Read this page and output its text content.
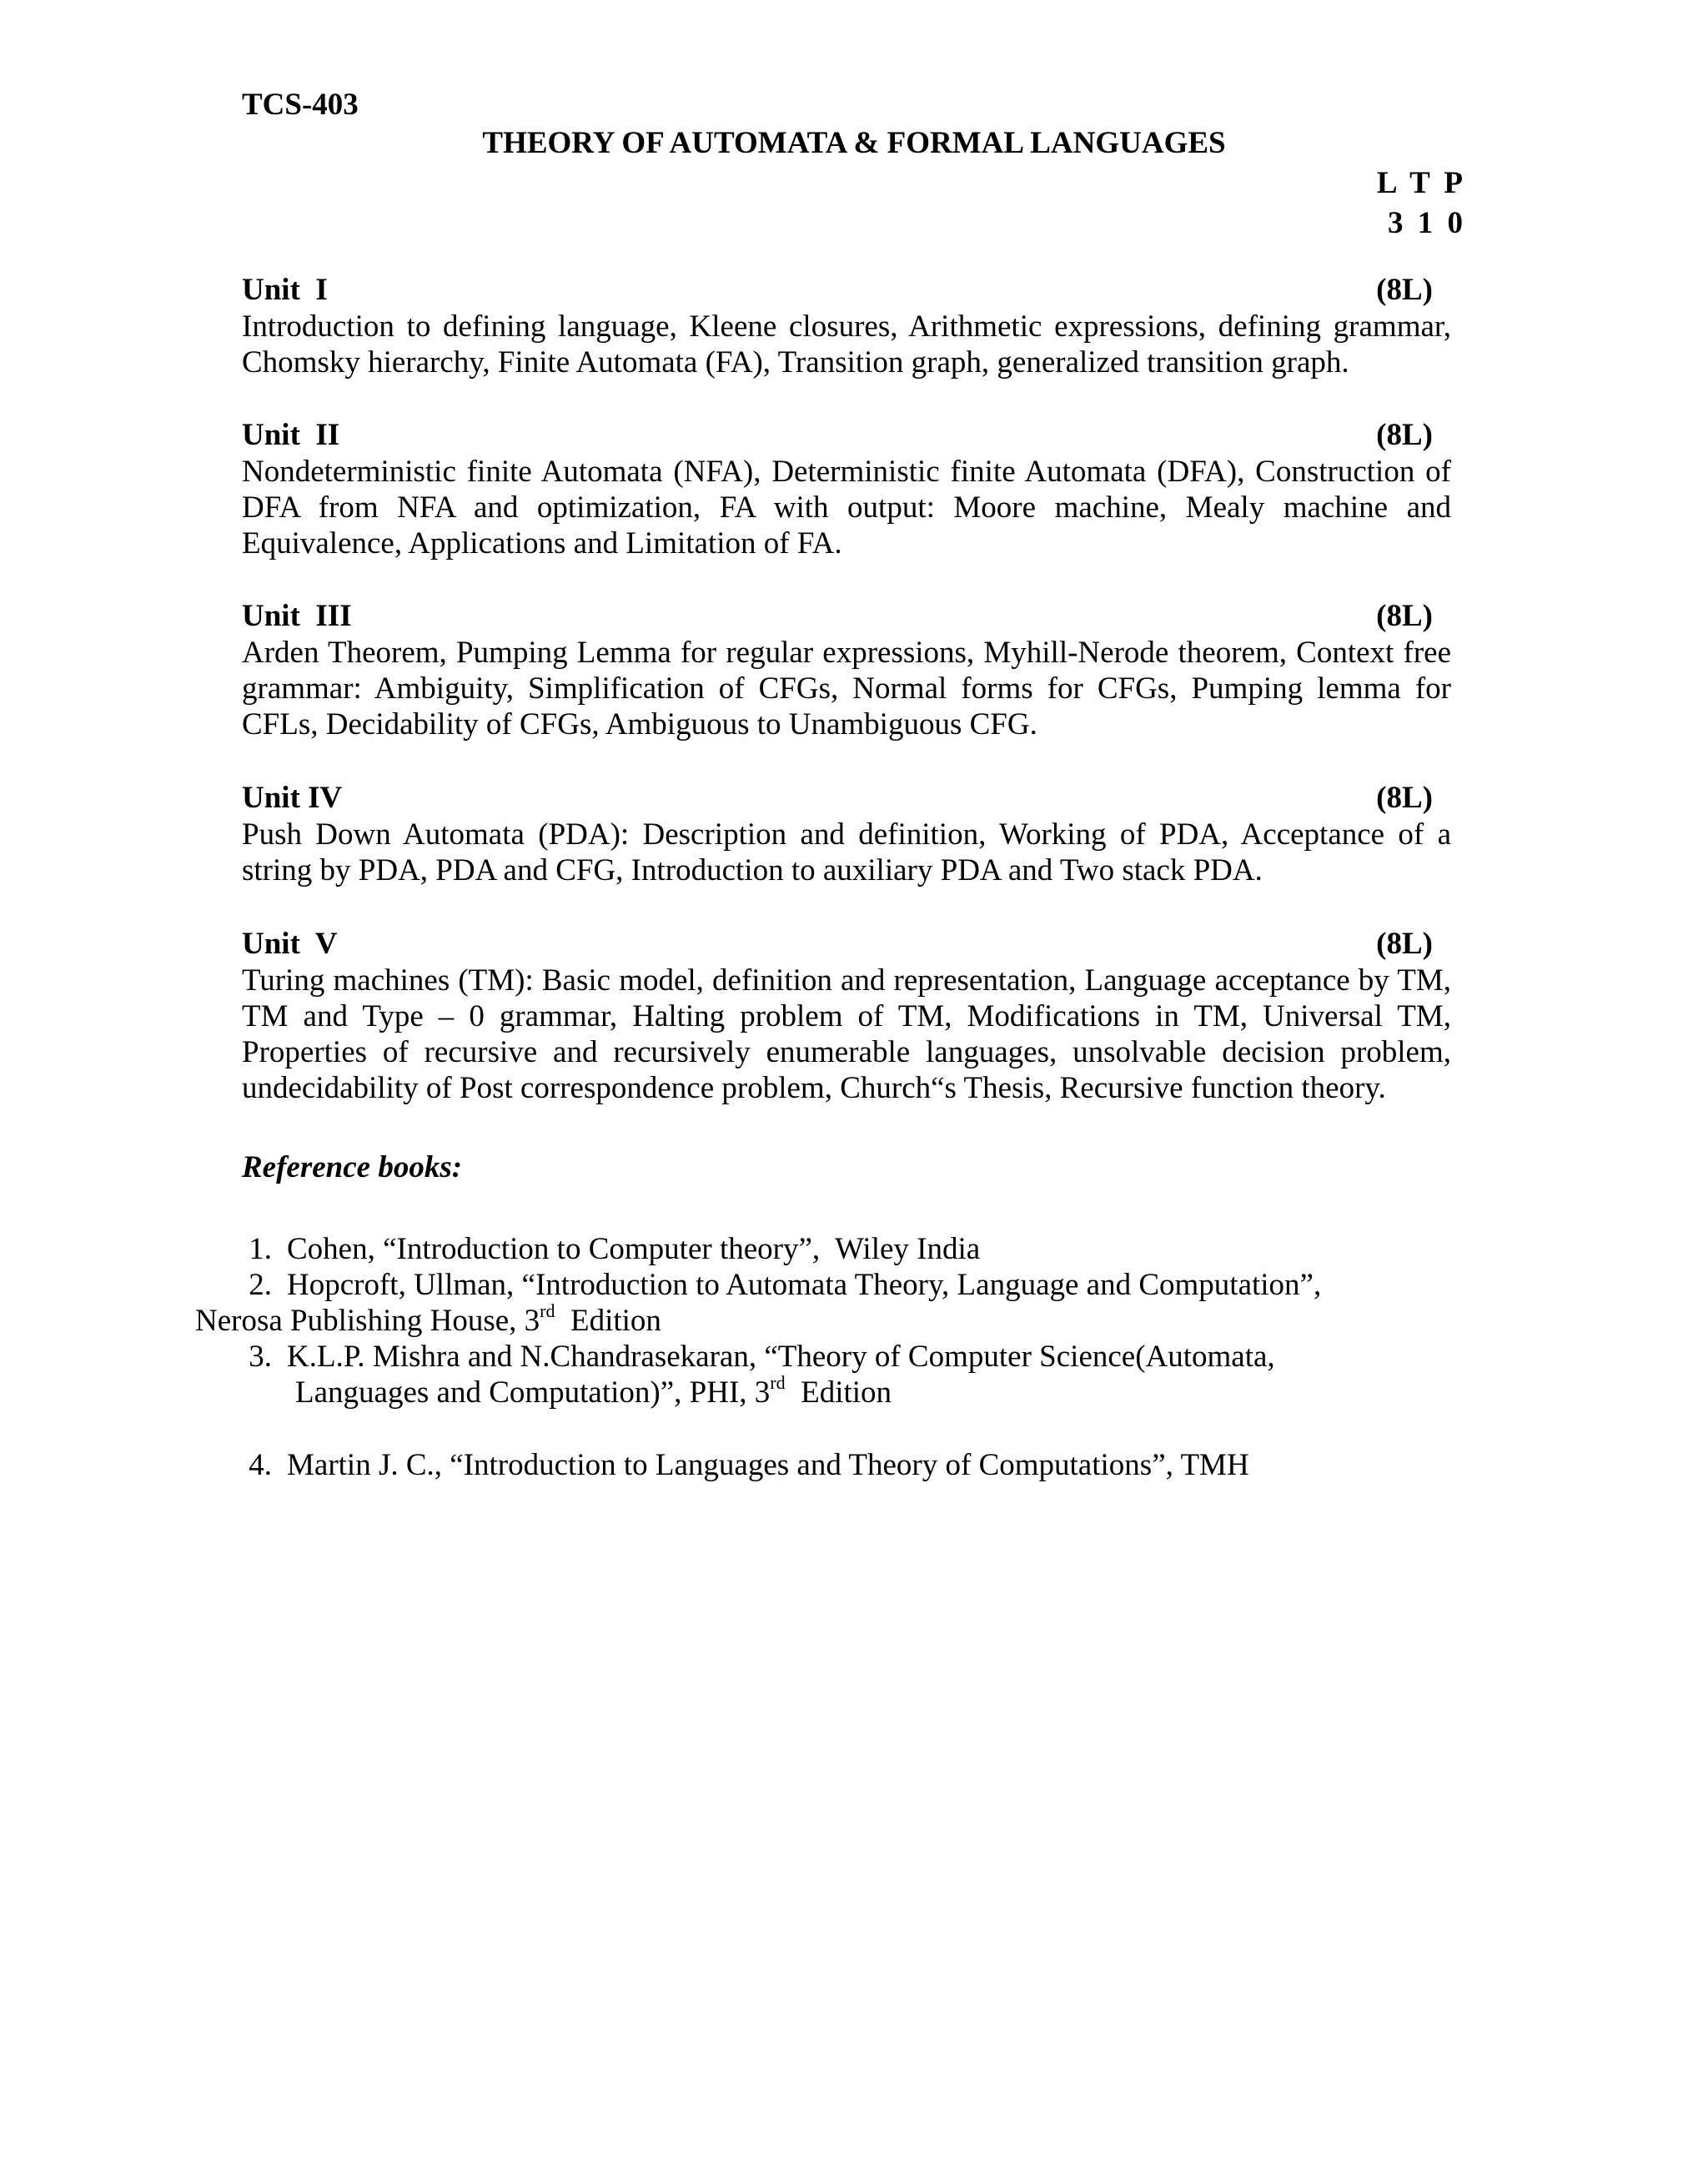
TCS-403
THEORY OF AUTOMATA & FORMAL LANGUAGES
L T P
3 1 0
Unit  I	(8L)
Introduction to defining language, Kleene closures, Arithmetic expressions, defining grammar, Chomsky hierarchy, Finite Automata (FA), Transition graph, generalized transition graph.
Unit  II	(8L)
Nondeterministic finite Automata (NFA), Deterministic finite Automata (DFA), Construction of DFA from NFA and optimization, FA with output: Moore machine, Mealy machine and Equivalence, Applications and Limitation of FA.
Unit  III	(8L)
Arden Theorem, Pumping Lemma for regular expressions, Myhill-Nerode theorem, Context free grammar: Ambiguity, Simplification of CFGs, Normal forms for CFGs, Pumping lemma for CFLs, Decidability of CFGs, Ambiguous to Unambiguous CFG.
Unit IV	(8L)
Push Down Automata (PDA): Description and definition, Working of PDA, Acceptance of a string by PDA, PDA and CFG, Introduction to auxiliary PDA and Two stack PDA.
Unit  V	(8L)
Turing machines (TM): Basic model, definition and representation, Language acceptance by TM, TM and Type – 0 grammar, Halting problem of TM, Modifications in TM, Universal TM, Properties of recursive and recursively enumerable languages, unsolvable decision problem, undecidability of Post correspondence problem, Church“s Thesis, Recursive function theory.
Reference books:
1. Cohen, “Introduction to Computer theory”,  Wiley India
2. Hopcroft, Ullman, “Introduction to Automata Theory, Language and Computation”,
Nerosa Publishing House, 3rd  Edition
3. K.L.P. Mishra and N.Chandrasekaran, “Theory of Computer Science(Automata,
Languages and Computation)”, PHI, 3rd  Edition
4. Martin J. C., “Introduction to Languages and Theory of Computations”, TMH
